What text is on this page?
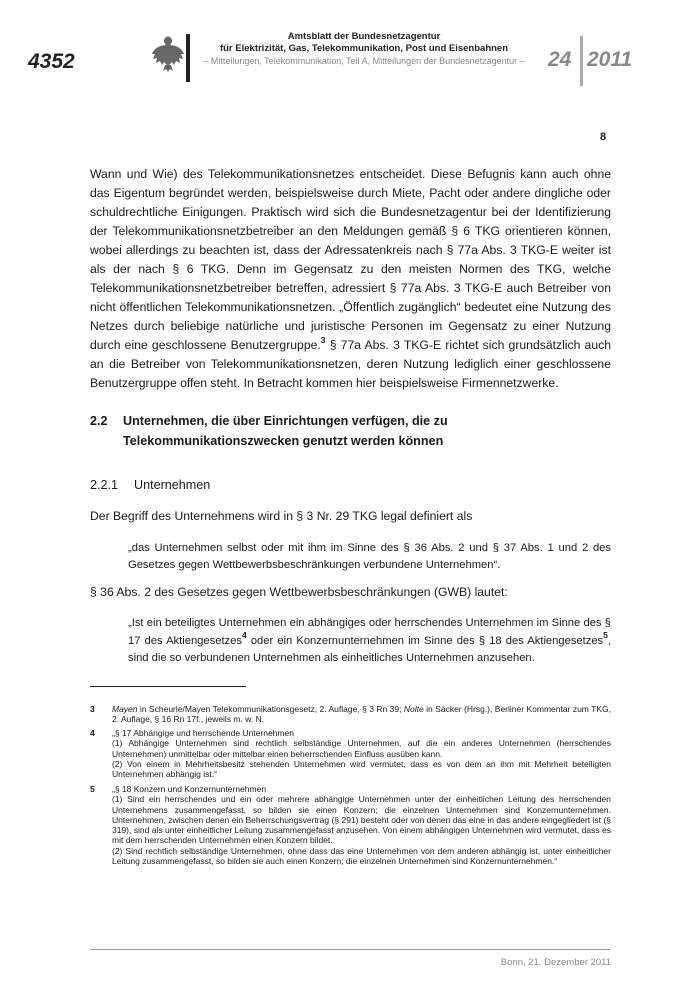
4352
Amtsblatt der Bundesnetzagentur
für Elektrizität, Gas, Telekommunikation, Post und Eisenbahnen
– Mitteilungen, Telekommunikation, Teil A, Mitteilungen der Bundesnetzagentur –	24 2011
8
Wann und Wie) des Telekommunikationsnetzes entscheidet. Diese Befugnis kann auch ohne das Eigentum begründet werden, beispielsweise durch Miete, Pacht oder andere dingliche oder schuldrechtliche Einigungen. Praktisch wird sich die Bundesnetzagentur bei der Identifizierung der Telekommunikationsnetzbetreiber an den Meldungen gemäß § 6 TKG orientieren können, wobei allerdings zu beachten ist, dass der Adressatenkreis nach § 77a Abs. 3 TKG-E weiter ist als der nach § 6 TKG. Denn im Gegensatz zu den meisten Normen des TKG, welche Telekommunikationsnetzbetreiber betreffen, adressiert § 77a Abs. 3 TKG-E auch Betreiber von nicht öffentlichen Telekommunikationsnetzen. „Öffentlich zugänglich“ bedeutet eine Nutzung des Netzes durch beliebige natürliche und juristische Personen im Gegensatz zu einer Nutzung durch eine geschlossene Benutzergruppe.$^3$ § 77a Abs. 3 TKG-E richtet sich grundsätzlich auch an die Betreiber von Telekommunikationsnetzen, deren Nutzung lediglich einer geschlossene Benutzergruppe offen steht. In Betracht kommen hier beispielsweise Firmennetzwerke.
2.2 Unternehmen, die über Einrichtungen verfügen, die zu Telekommunikationszwecken genutzt werden können
2.2.1 Unternehmen
Der Begriff des Unternehmens wird in § 3 Nr. 29 TKG legal definiert als
„das Unternehmen selbst oder mit ihm im Sinne des § 36 Abs. 2 und § 37 Abs. 1 und 2 des Gesetzes gegen Wettbewerbsbeschränkungen verbundene Unternehmen“.
§ 36 Abs. 2 des Gesetzes gegen Wettbewerbsbeschränkungen (GWB) lautet:
„Ist ein beteiligtes Unternehmen ein abhängiges oder herrschendes Unternehmen im Sinne des § 17 des Aktiengesetzes$^4$ oder ein Konzernunternehmen im Sinne des § 18 des Aktiengesetzes$^5$, sind die so verbundenen Unternehmen als einheitliches Unternehmen anzusehen.
3 Mayen in Scheurle/Mayen Telekommunikationsgesetz, 2. Auflage, § 3 Rn 39; Nolte in Säcker (Hrsg.), Berliner Kommentar zum TKG, 2. Auflage, § 16 Rn 17f., jeweils m. w. N.
4 „§ 17 Abhängige und herrschende Unternehmen
(1) Abhängige Unternehmen sind rechtlich selbständige Unternehmen, auf die ein anderes Unternehmen (herrschendes Unternehmen) unmittelbar oder mittelbar einen beherrschenden Einfluss ausüben kann.
(2) Von einem in Mehrheitsbesitz stehenden Unternehmen wird vermutet, dass es von dem an ihm mit Mehrheit beteiligten Unternehmen abhängig ist.“
5 „§ 18 Konzern und Konzernunternehmen
(1) Sind ein herrschendes und ein oder mehrere abhängige Unternehmen unter der einheitlichen Leitung des herrschenden Unternehmens zusammengefasst, so bilden sie einen Konzern; die einzelnen Unternehmen sind Konzernunternehmen. Unternehmen, zwischen denen ein Beherrschungsvertrag (§ 291) besteht oder von denen das eine in das andere eingegliedert ist (§ 319), sind als unter einheitlicher Leitung zusammengefasst anzusehen. Von einem abhängigen Unternehmen wird vermutet, dass es mit dem herrschenden Unternehmen einen Konzern bildet.
(2) Sind rechtlich selbständige Unternehmen, ohne dass das eine Unternehmen von dem anderen abhängig ist, unter einheitlicher Leitung zusammengefasst, so bilden sie auch einen Konzern; die einzelnen Unternehmen sind Konzernunternehmen.“
Bonn, 21. Dezember 2011
